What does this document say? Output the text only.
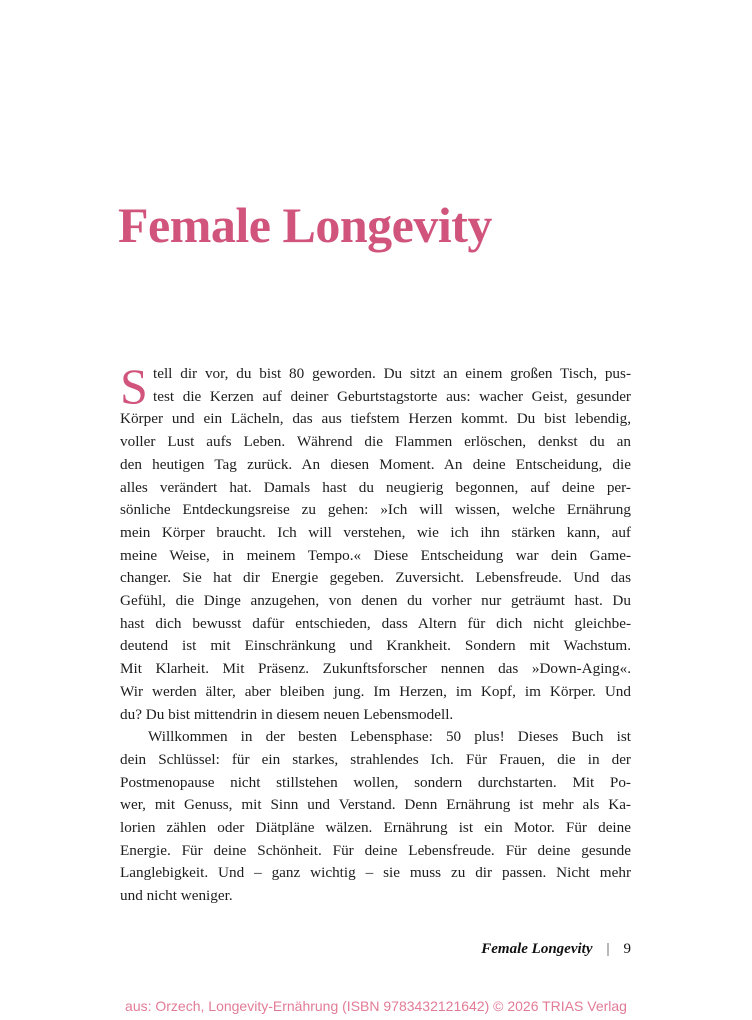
Female Longevity
S tell dir vor, du bist 80 geworden. Du sitzt an einem großen Tisch, pus-
test die Kerzen auf deiner Geburtstagstorte aus: wacher Geist, gesunder
Körper und ein Lächeln, das aus tiefstem Herzen kommt. Du bist lebendig,
voller Lust aufs Leben. Während die Flammen erlöschen, denkst du an
den heutigen Tag zurück. An diesen Moment. An deine Entscheidung, die
alles verändert hat. Damals hast du neugierig begonnen, auf deine per-
sönliche Entdeckungsreise zu gehen: »Ich will wissen, welche Ernährung
mein Körper braucht. Ich will verstehen, wie ich ihn stärken kann, auf
meine Weise, in meinem Tempo.« Diese Entscheidung war dein Game-
changer. Sie hat dir Energie gegeben. Zuversicht. Lebensfreude. Und das
Gefühl, die Dinge anzugehen, von denen du vorher nur geträumt hast. Du
hast dich bewusst dafür entschieden, dass Altern für dich nicht gleichbe-
deutend ist mit Einschränkung und Krankheit. Sondern mit Wachstum.
Mit Klarheit. Mit Präsenz. Zukunftsforscher nennen das »Down-Aging«.
Wir werden älter, aber bleiben jung. Im Herzen, im Kopf, im Körper. Und
du? Du bist mittendrin in diesem neuen Lebensmodell.
Willkommen in der besten Lebensphase: 50 plus! Dieses Buch ist
dein Schlüssel: für ein starkes, strahlendes Ich. Für Frauen, die in der
Postmenopause nicht stillstehen wollen, sondern durchstarten. Mit Po-
wer, mit Genuss, mit Sinn und Verstand. Denn Ernährung ist mehr als Ka-
lorien zählen oder Diätpläne wälzen. Ernährung ist ein Motor. Für deine
Energie. Für deine Schönheit. Für deine Lebensfreude. Für deine gesunde
Langlebigkeit. Und – ganz wichtig – sie muss zu dir passen. Nicht mehr
und nicht weniger.
Female Longevity | 9
aus: Orzech, Longevity-Ernährung (ISBN 9783432121642) © 2026 TRIAS Verlag
